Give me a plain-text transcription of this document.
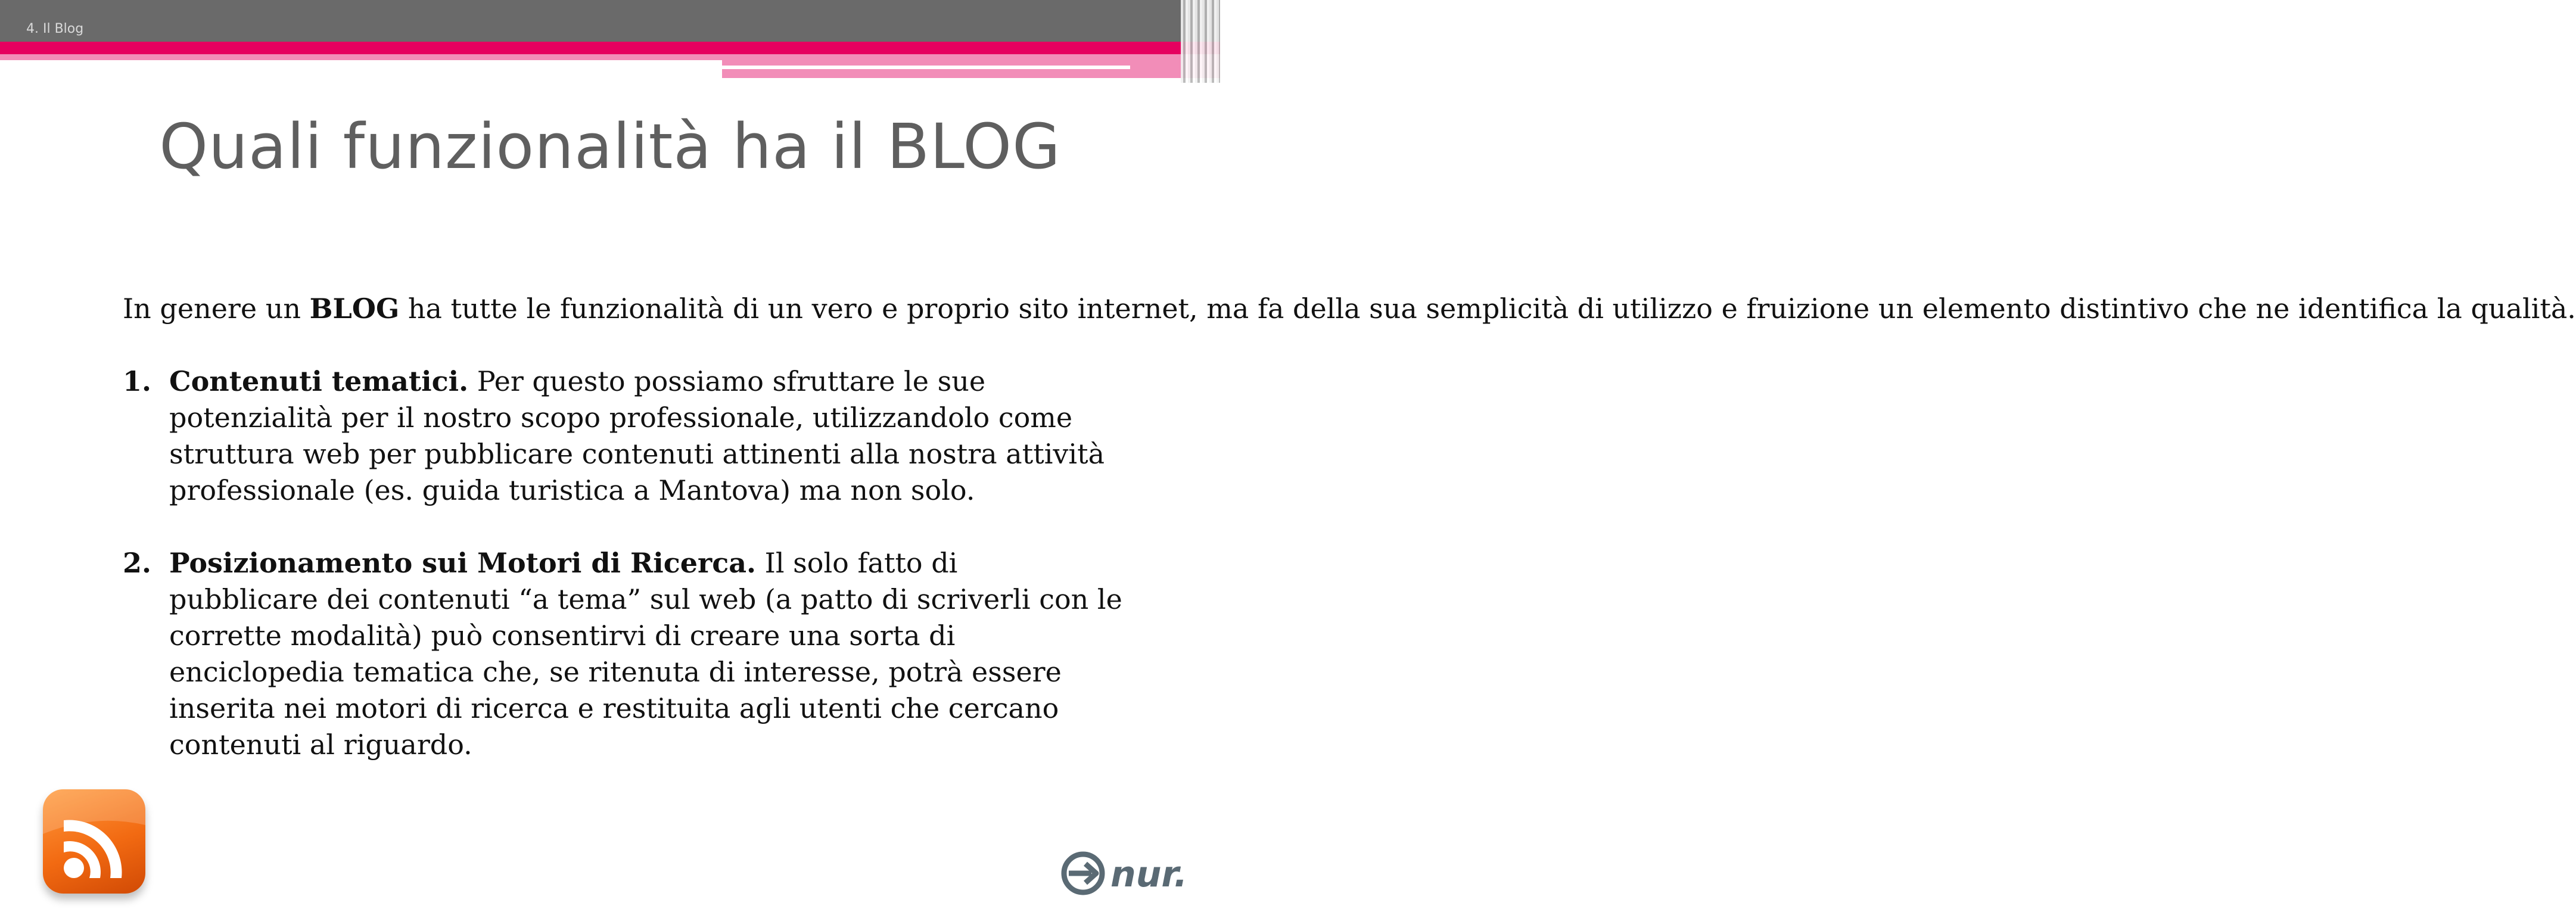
4. Il Blog
Quali funzionalità ha il BLOG
In genere un BLOG ha tutte le funzionalità di un vero e proprio sito internet, ma fa della sua semplicità di utilizzo e fruizione un elemento distintivo che ne identifica la qualità.
1. Contenuti tematici. Per questo possiamo sfruttare le sue
potenzialità per il nostro scopo professionale, utilizzandolo come
struttura web per pubblicare contenuti attinenti alla nostra attività
professionale (es. guida turistica a Mantova) ma non solo.
2. Posizionamento sui Motori di Ricerca. Il solo fatto di
pubblicare dei contenuti “a tema” sul web (a patto di scriverli con le
corrette modalità) può consentirvi di creare una sorta di
enciclopedia tematica che, se ritenuta di interesse, potrà essere
inserita nei motori di ricerca e restituita agli utenti che cercano
contenuti al riguardo.
nur.
